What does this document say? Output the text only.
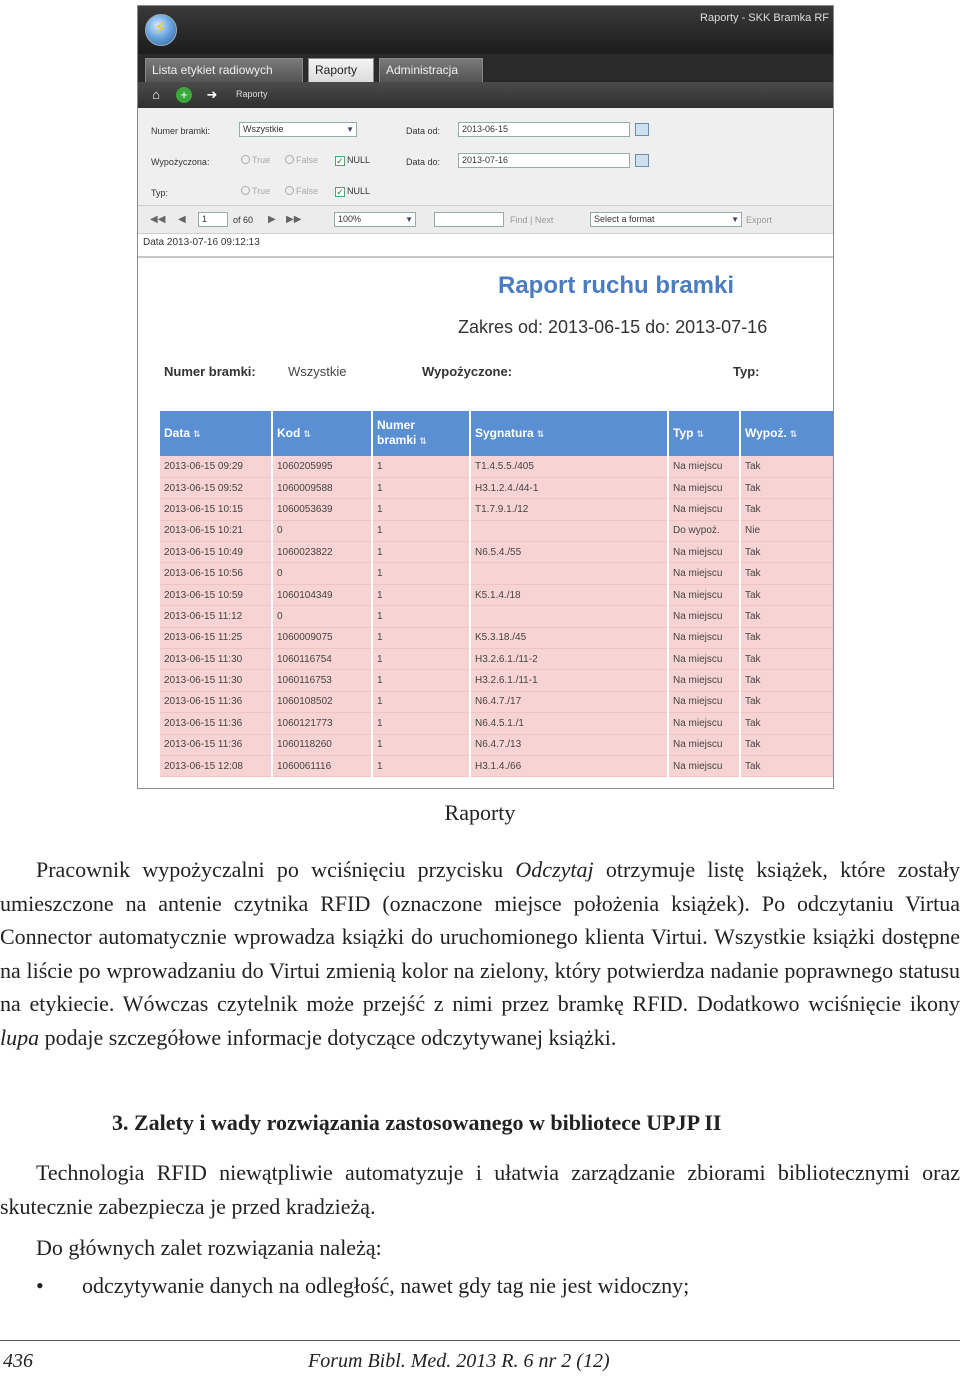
⚡
Raporty - SKK Bramka RF
Lista etykiet radiowych	Raporty	Administracja
⌂	+	➜ Raporty
Numer bramki:	Wszystkie	▼
Wypożyczona:	True	False ✓ NULL
Typ:	True	False ✓ NULL
Data od:	2013-06-15
Data do:	2013-07-16
◀◀ ◀	1	of 60 ▶ ▶▶	100%	▼	Find | Next	Select a format	▼ Export
Data 2013-07-16 09:12:13
Raport ruchu bramki
Zakres od: 2013-06-15 do: 2013-07-16
Numer bramki: Wszystkie	Wypożyczone:	Typ:
Data ⇅	Kod ⇅	Numer bramki ⇅	Sygnatura ⇅	Typ ⇅	Wypoż. ⇅
2013-06-15 09:29	1060205995	1	T1.4.5.5./405	Na miejscu	Tak
2013-06-15 09:52	1060009588	1	H3.1.2.4./44-1	Na miejscu	Tak
2013-06-15 10:15	1060053639	1	T1.7.9.1./12	Na miejscu	Tak
2013-06-15 10:21	0	1		Do wypoż.	Nie
2013-06-15 10:49	1060023822	1	N6.5.4./55	Na miejscu	Tak
2013-06-15 10:56	0	1		Na miejscu	Tak
2013-06-15 10:59	1060104349	1	K5.1.4./18	Na miejscu	Tak
2013-06-15 11:12	0	1		Na miejscu	Tak
2013-06-15 11:25	1060009075	1	K5.3.18./45	Na miejscu	Tak
2013-06-15 11:30	1060116754	1	H3.2.6.1./11-2	Na miejscu	Tak
2013-06-15 11:30	1060116753	1	H3.2.6.1./11-1	Na miejscu	Tak
2013-06-15 11:36	1060108502	1	N6.4.7./17	Na miejscu	Tak
2013-06-15 11:36	1060121773	1	N6.4.5.1./1	Na miejscu	Tak
2013-06-15 11:36	1060118260	1	N6.4.7./13	Na miejscu	Tak
2013-06-15 12:08	1060061116	1	H3.1.4./66	Na miejscu	Tak
Raporty

Pracownik wypożyczalni po wciśnięciu przycisku Odczytaj otrzymuje listę książek, które zostały umieszczone na antenie czytnika RFID (oznaczone miejsce położenia książek). Po odczytaniu Virtua Connector automatycznie wprowadza książki do uruchomionego klienta Virtui. Wszystkie książki dostępne na liście po wprowadzaniu do Virtui zmienią kolor na zielony, który potwierdza nadanie poprawnego statusu na etykiecie. Wówczas czytelnik może przejść z nimi przez bramkę RFID. Dodatkowo wciśnięcie ikony lupa podaje szczegółowe informacje dotyczące odczytywanej książki.

3. Zalety i wady rozwiązania zastosowanego w bibliotece UPJP II

Technologia RFID niewątpliwie automatyzuje i ułatwia zarządzanie zbiorami bibliotecznymi oraz skutecznie zabezpiecza je przed kradzieżą.

Do głównych zalet rozwiązania należą:

• odczytywanie danych na odległość, nawet gdy tag nie jest widoczny;
436	Forum Bibl. Med. 2013 R. 6 nr 2 (12)
